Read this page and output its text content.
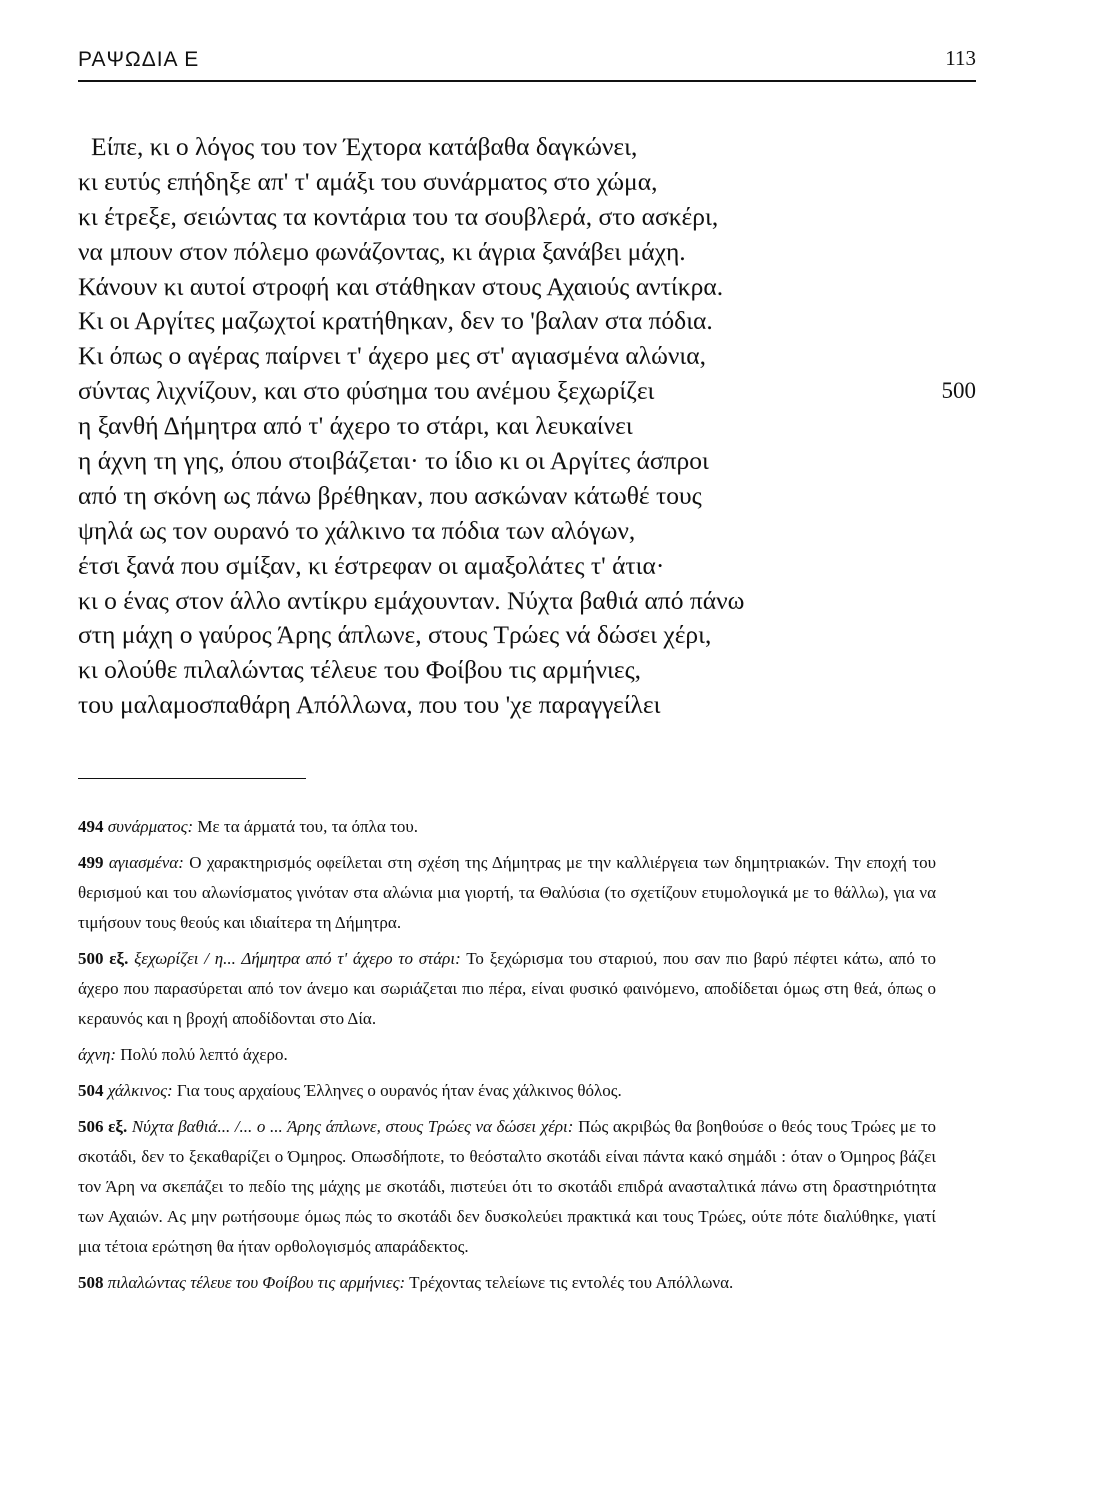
ΡΑΨΩΔΙΑ Ε	113
Είπε, κι ο λόγος του τον Έχτορα κατάβαθα δαγκώνει,
κι ευτύς επήδηξε απ' τ' αμάξι του συνάρματος στο χώμα,
κι έτρεξε, σειώντας τα κοντάρια του τα σουβλερά, στο ασκέρι,
να μπουν στον πόλεμο φωνάζοντας, κι άγρια ξανάβει μάχη.
Κάνουν κι αυτοί στροφή και στάθηκαν στους Αχαιούς αντίκρα.
Κι οι Αργίτες μαζωχτοί κρατήθηκαν, δεν το 'βαλαν στα πόδια.
Κι όπως ο αγέρας παίρνει τ' άχερο μες στ' αγιασμένα αλώνια,
σύντας λιχνίζουν, και στο φύσημα του ανέμου ξεχωρίζει	500
η ξανθή Δήμητρα από τ' άχερο το στάρι, και λευκαίνει
η άχνη τη γης, όπου στοιβάζεται· το ίδιο κι οι Αργίτες άσπροι
από τη σκόνη ως πάνω βρέθηκαν, που ασκώναν κάτωθέ τους
ψηλά ως τον ουρανό το χάλκινο τα πόδια των αλόγων,
έτσι ξανά που σμίξαν, κι έστρεφαν οι αμαξολάτες τ' άτια·
κι ο ένας στον άλλο αντίκρυ εμάχουνταν. Νύχτα βαθιά από πάνω
στη μάχη ο γαύρος Άρης άπλωνε, στους Τρώες νά δώσει χέρι,
κι ολούθε πιλαλώντας τέλευε του Φοίβου τις αρμήνιες,
του μαλαμοσπαθάρη Απόλλωνα, που του 'χε παραγγείλει

494 συνάρματος: Με τα άρματά του, τα όπλα του.

499 αγιασμένα: Ο χαρακτηρισμός οφείλεται στη σχέση της Δήμητρας με την καλλιέργεια των δημητριακών. Την εποχή του θερισμού και του αλωνίσματος γινόταν στα αλώνια μια γιορτή, τα Θαλύσια (το σχετίζουν ετυμολογικά με το θάλλω), για να τιμήσουν τους θεούς και ιδιαίτερα τη Δήμητρα.

500 εξ. ξεχωρίζει / η... Δήμητρα από τ' άχερο το στάρι: Το ξεχώρισμα του σταριού, που σαν πιο βαρύ πέφτει κάτω, από το άχερο που παρασύρεται από τον άνεμο και σωριάζεται πιο πέρα, είναι φυσικό φαινόμενο, αποδίδεται όμως στη θεά, όπως ο κεραυνός και η βροχή αποδίδονται στο Δία.

άχνη: Πολύ πολύ λεπτό άχερο.

504 χάλκινος: Για τους αρχαίους Έλληνες ο ουρανός ήταν ένας χάλκινος θόλος.

506 εξ. Νύχτα βαθιά... /... ο ... Άρης άπλωνε, στους Τρώες να δώσει χέρι: Πώς ακριβώς θα βοηθούσε ο θεός τους Τρώες με το σκοτάδι, δεν το ξεκαθαρίζει ο Όμηρος. Οπωσδήποτε, το θεόσταλτο σκοτάδι είναι πάντα κακό σημάδι : όταν ο Όμηρος βάζει τον Άρη να σκεπάζει το πεδίο της μάχης με σκοτάδι, πιστεύει ότι το σκοτάδι επιδρά ανασταλτικά πάνω στη δραστηριότητα των Αχαιών. Ας μην ρωτήσουμε όμως πώς το σκοτάδι δεν δυσκολεύει πρακτικά και τους Τρώες, ούτε πότε διαλύθηκε, γιατί μια τέτοια ερώτηση θα ήταν ορθολογισμός απαράδεκτος.

508 πιλαλώντας τέλευε του Φοίβου τις αρμήνιες: Τρέχοντας τελείωνε τις εντολές του Απόλλωνα.
